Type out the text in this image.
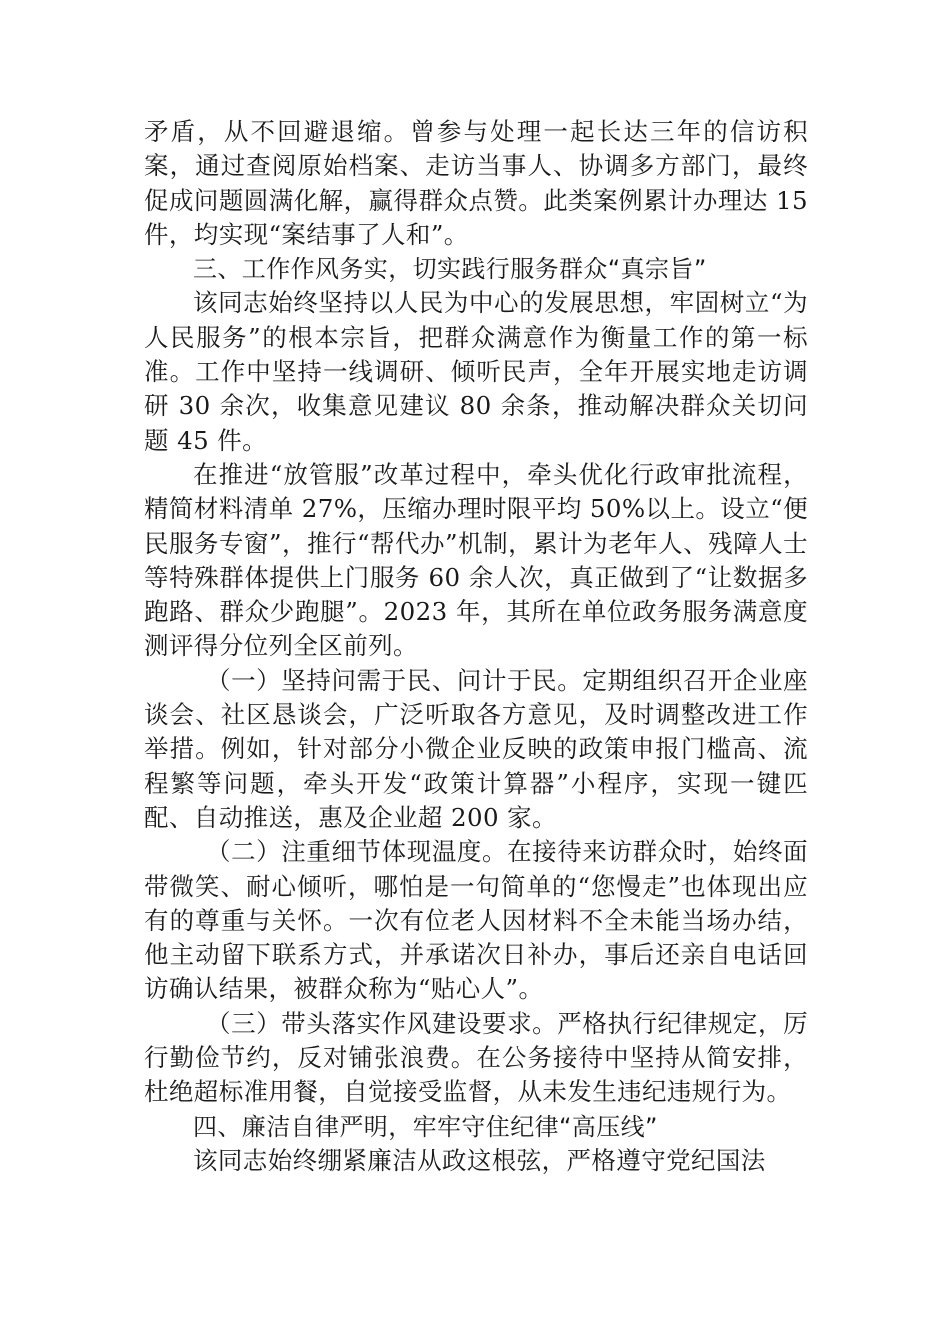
矛盾，从不回避退缩。曾参与处理一起长达三年的信访积案，通过查阅原始档案、走访当事人、协调多方部门，最终促成问题圆满化解，赢得群众点赞。此类案例累计办理达 15 件，均实现“案结事了人和”。

三、工作作风务实，切实践行服务群众“真宗旨”

该同志始终坚持以人民为中心的发展思想，牢固树立“为人民服务”的根本宗旨，把群众满意作为衡量工作的第一标准。工作中坚持一线调研、倾听民声，全年开展实地走访调研 30 余次，收集意见建议 80 余条，推动解决群众关切问题 45 件。

在推进“放管服”改革过程中，牵头优化行政审批流程，精简材料清单 27%，压缩办理时限平均 50%以上。设立“便民服务专窗”，推行“帮代办”机制，累计为老年人、残障人士等特殊群体提供上门服务 60 余人次，真正做到了“让数据多跑路、群众少跑腿”。2023 年，其所在单位政务服务满意度测评得分位列全区前列。

（一）坚持问需于民、问计于民。定期组织召开企业座谈会、社区恳谈会，广泛听取各方意见，及时调整改进工作举措。例如，针对部分小微企业反映的政策申报门槛高、流程繁等问题，牵头开发“政策计算器”小程序，实现一键匹配、自动推送，惠及企业超 200 家。

（二）注重细节体现温度。在接待来访群众时，始终面带微笑、耐心倾听，哪怕是一句简单的“您慢走”也体现出应有的尊重与关怀。一次有位老人因材料不全未能当场办结，他主动留下联系方式，并承诺次日补办，事后还亲自电话回访确认结果，被群众称为“贴心人”。

（三）带头落实作风建设要求。严格执行纪律规定，厉行勤俭节约，反对铺张浪费。在公务接待中坚持从简安排，杜绝超标准用餐，自觉接受监督，从未发生违纪违规行为。

四、廉洁自律严明，牢牢守住纪律“高压线”

该同志始终绷紧廉洁从政这根弦，严格遵守党纪国法
